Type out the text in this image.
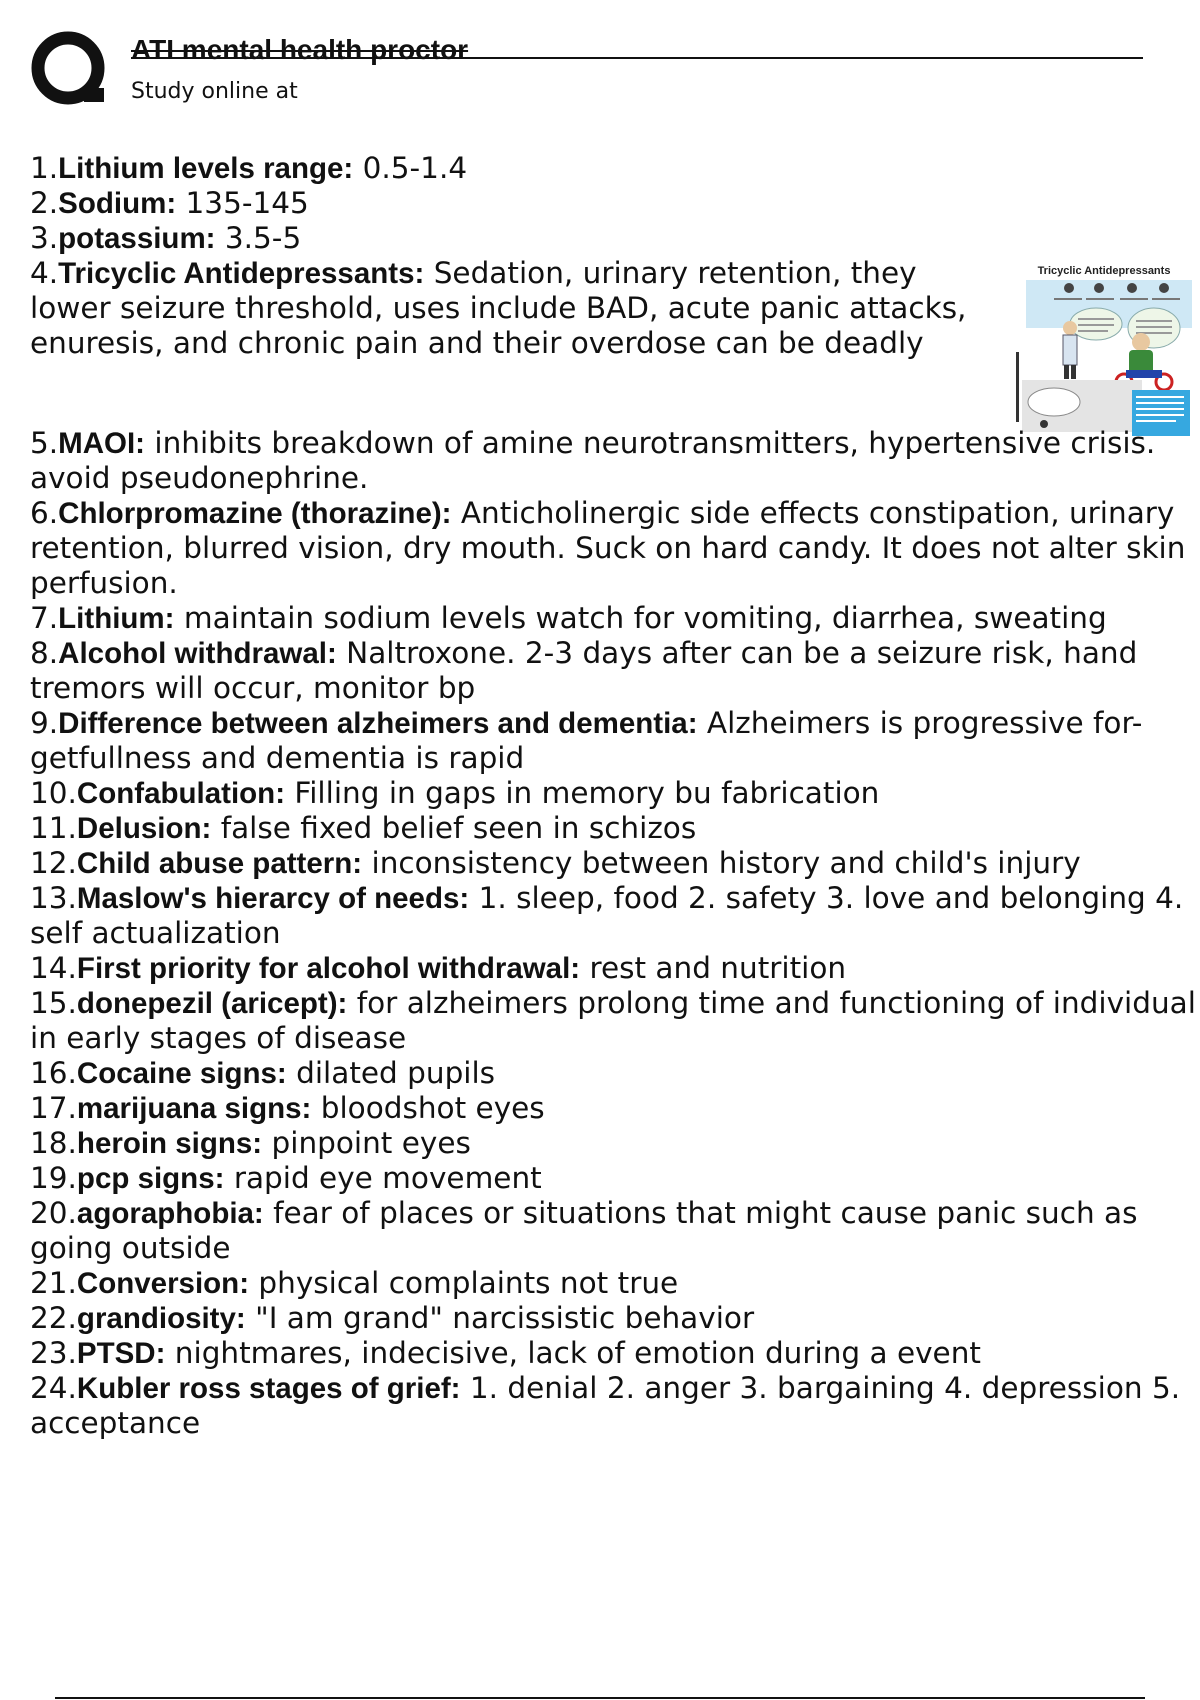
ATI mental health proctor
Study online at
Tricyclic Antidepressants

1.Lithium levels range: 0.5-1.4

2.Sodium: 135-145

3.potassium: 3.5-5

4.Tricyclic Antidepressants: Sedation, urinary retention, they lower seizure threshold, uses include BAD, acute panic attacks, enuresis, and chronic pain and their overdose can be deadly

5.MAOI: inhibits breakdown of amine neurotransmitters, hypertensive crisis. avoid pseudonephrine.

6.Chlorpromazine (thorazine): Anticholinergic side effects constipation, urinary retention, blurred vision, dry mouth. Suck on hard candy. It does not alter skin perfusion.

7.Lithium: maintain sodium levels watch for vomiting, diarrhea, sweating

8.Alcohol withdrawal: Naltroxone. 2-3 days after can be a seizure risk, hand tremors will occur, monitor bp

9.Difference between alzheimers and dementia: Alzheimers is progressive for- getfullness and dementia is rapid

10.Confabulation: Filling in gaps in memory bu fabrication

11.Delusion: false fixed belief seen in schizos

12.Child abuse pattern: inconsistency between history and child's injury

13.Maslow's hierarcy of needs: 1. sleep, food 2. safety 3. love and belonging 4. self actualization

14.First priority for alcohol withdrawal: rest and nutrition

15.donepezil (aricept): for alzheimers prolong time and functioning of individual in early stages of disease

16.Cocaine signs: dilated pupils

17.marijuana signs: bloodshot eyes

18.heroin signs: pinpoint eyes

19.pcp signs: rapid eye movement

20.agoraphobia: fear of places or situations that might cause panic such as going outside

21.Conversion: physical complaints not true

22.grandiosity: "I am grand" narcissistic behavior

23.PTSD: nightmares, indecisive, lack of emotion during a event

24.Kubler ross stages of grief: 1. denial 2. anger 3. bargaining 4. depression 5. acceptance
